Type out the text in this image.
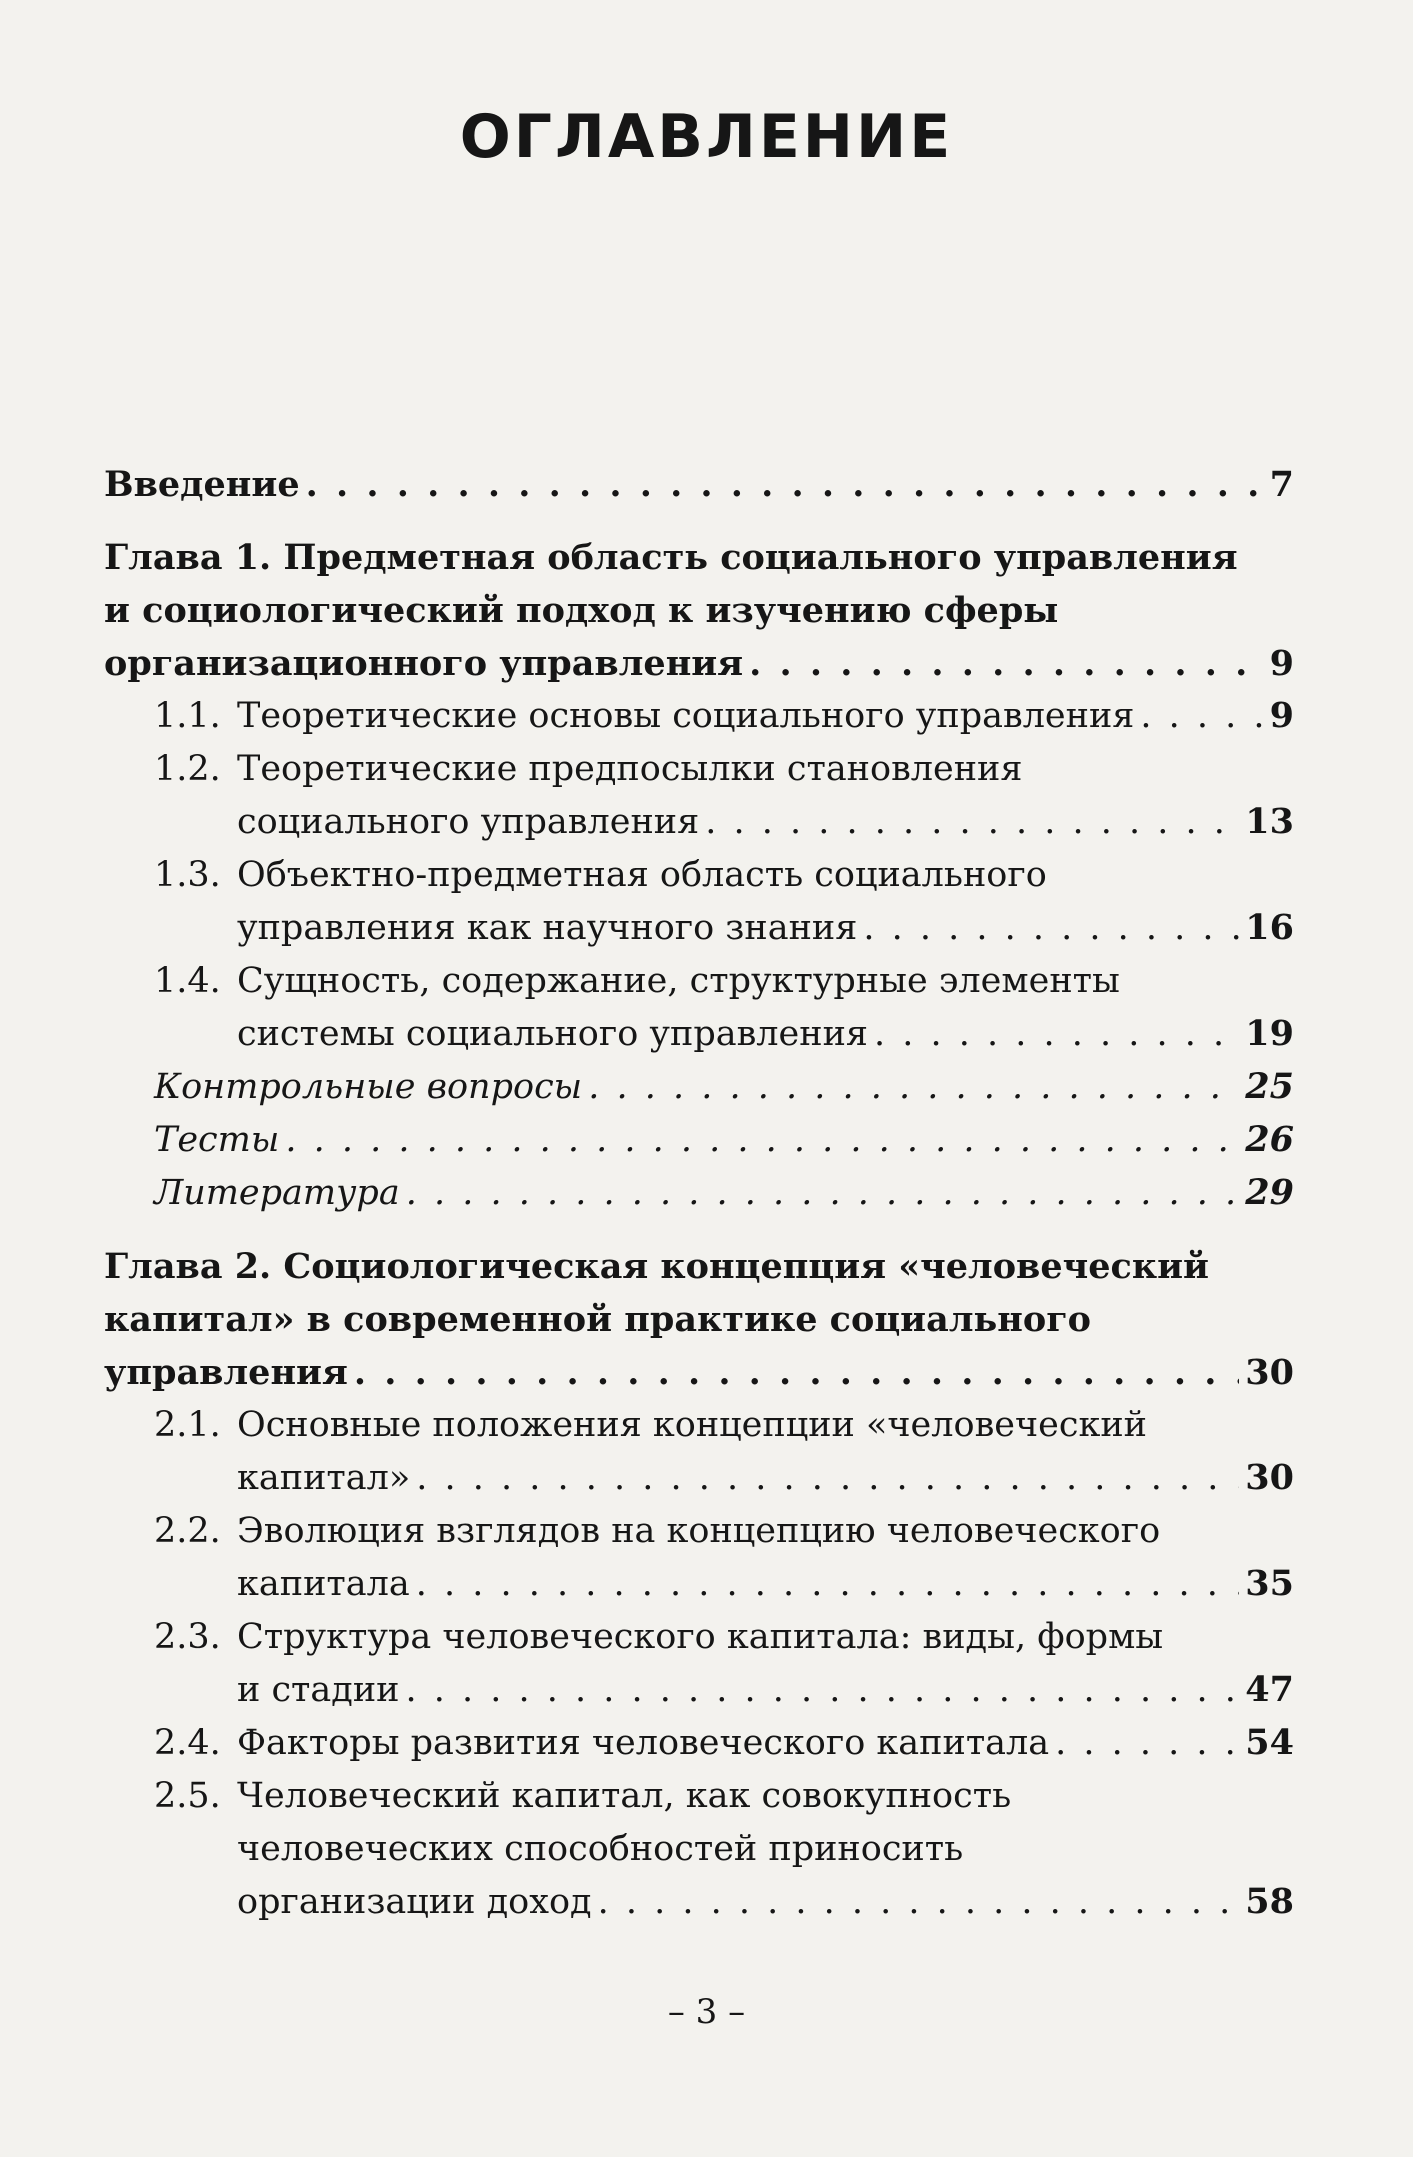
ОГЛАВЛЕНИЕ
Введение . . .	7
Глава 1. Предметная область социального управления
и социологический подход к изучению сферы
организационного управления . . .	9
1.1. Теоретические основы социального управления . . .	9
1.2. Теоретические предпосылки становления
социального управления . . .	13
1.3. Объектно-предметная область социального
управления как научного знания . . .	16
1.4. Сущность, содержание, структурные элементы
системы социального управления . . .	19
Контрольные вопросы . . .	25
Тесты . . .	26
Литература . . .	29
Глава 2. Социологическая концепция «человеческий
капитал» в современной практике социального
управления . . .	30
2.1. Основные положения концепции «человеческий
капитал» . . .	30
2.2. Эволюция взглядов на концепцию человеческого
капитала . . .	35
2.3. Структура человеческого капитала: виды, формы
и стадии . . .	47
2.4. Факторы развития человеческого капитала . . .	54
2.5. Человеческий капитал, как совокупность
человеческих способностей приносить
организации доход . . .	58
– 3 –
